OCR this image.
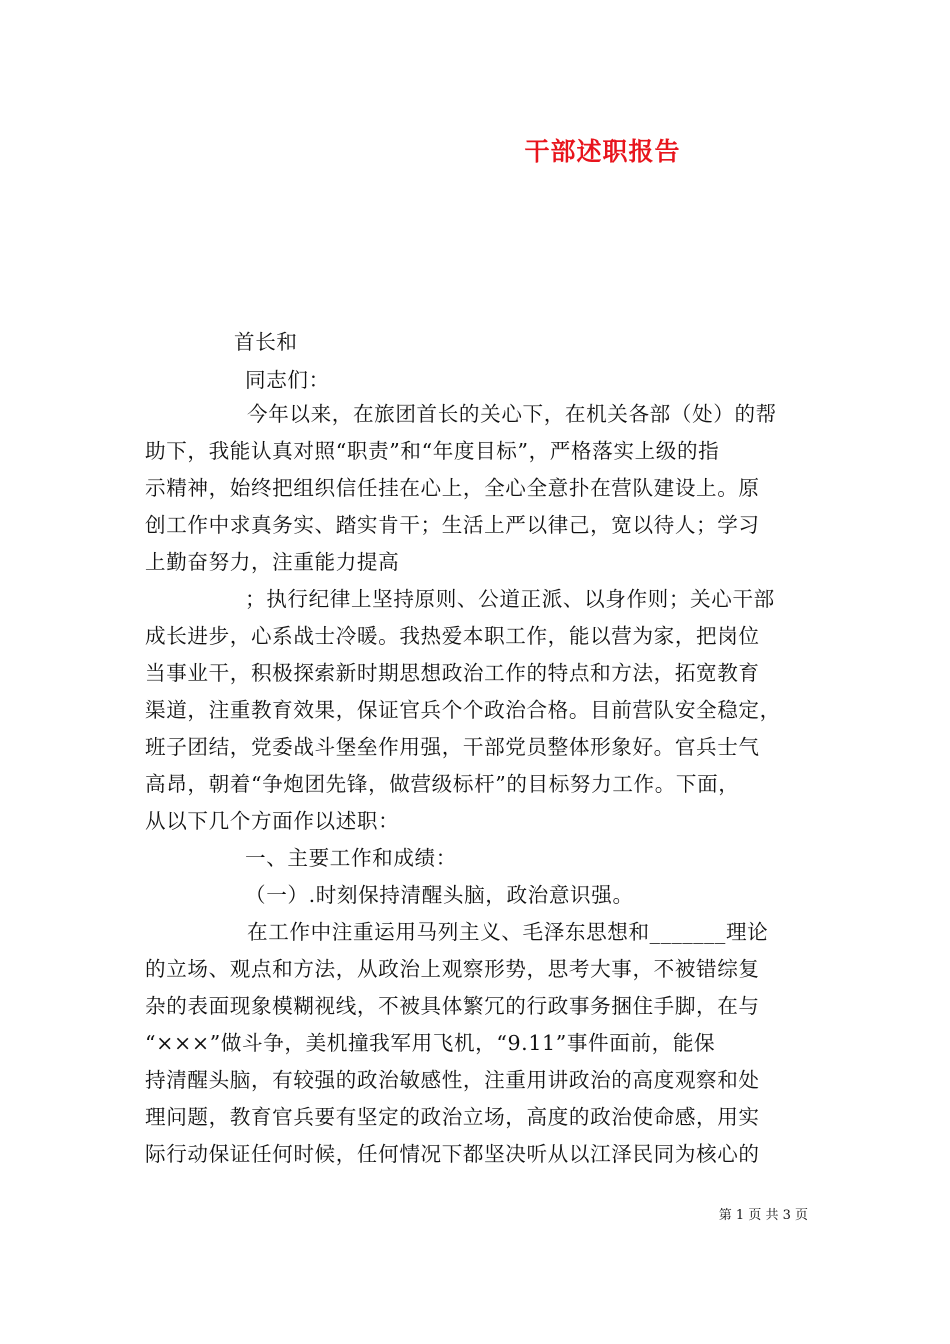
干部述职报告
首长和
同志们：
今年以来，在旅团首长的关心下，在机关各部（处）的帮
助下，我能认真对照“职责”和“年度目标”，严格落实上级的指
示精神，始终把组织信任挂在心上，全心全意扑在营队建设上。原
创工作中求真务实、踏实肯干；生活上严以律己，宽以待人；学习
上勤奋努力，注重能力提高
；执行纪律上坚持原则、公道正派、以身作则；关心干部
成长进步，心系战士冷暖。我热爱本职工作，能以营为家，把岗位
当事业干，积极探索新时期思想政治工作的特点和方法，拓宽教育
渠道，注重教育效果，保证官兵个个政治合格。目前营队安全稳定，
班子团结，党委战斗堡垒作用强，干部党员整体形象好。官兵士气
高昂，朝着“争炮团先锋，做营级标杆”的目标努力工作。下面，
从以下几个方面作以述职：
一、主要工作和成绩：
（一）.时刻保持清醒头脑，政治意识强。
在工作中注重运用马列主义、毛泽东思想和_______理论
的立场、观点和方法，从政治上观察形势，思考大事，不被错综复
杂的表面现象模糊视线，不被具体繁冗的行政事务捆住手脚，在与
“×××”做斗争，美机撞我军用飞机，“9.11”事件面前，能保
持清醒头脑，有较强的政治敏感性，注重用讲政治的高度观察和处
理问题，教育官兵要有坚定的政治立场，高度的政治使命感，用实
际行动保证任何时候，任何情况下都坚决听从以江泽民同为核心的
第 1 页 共 3 页
